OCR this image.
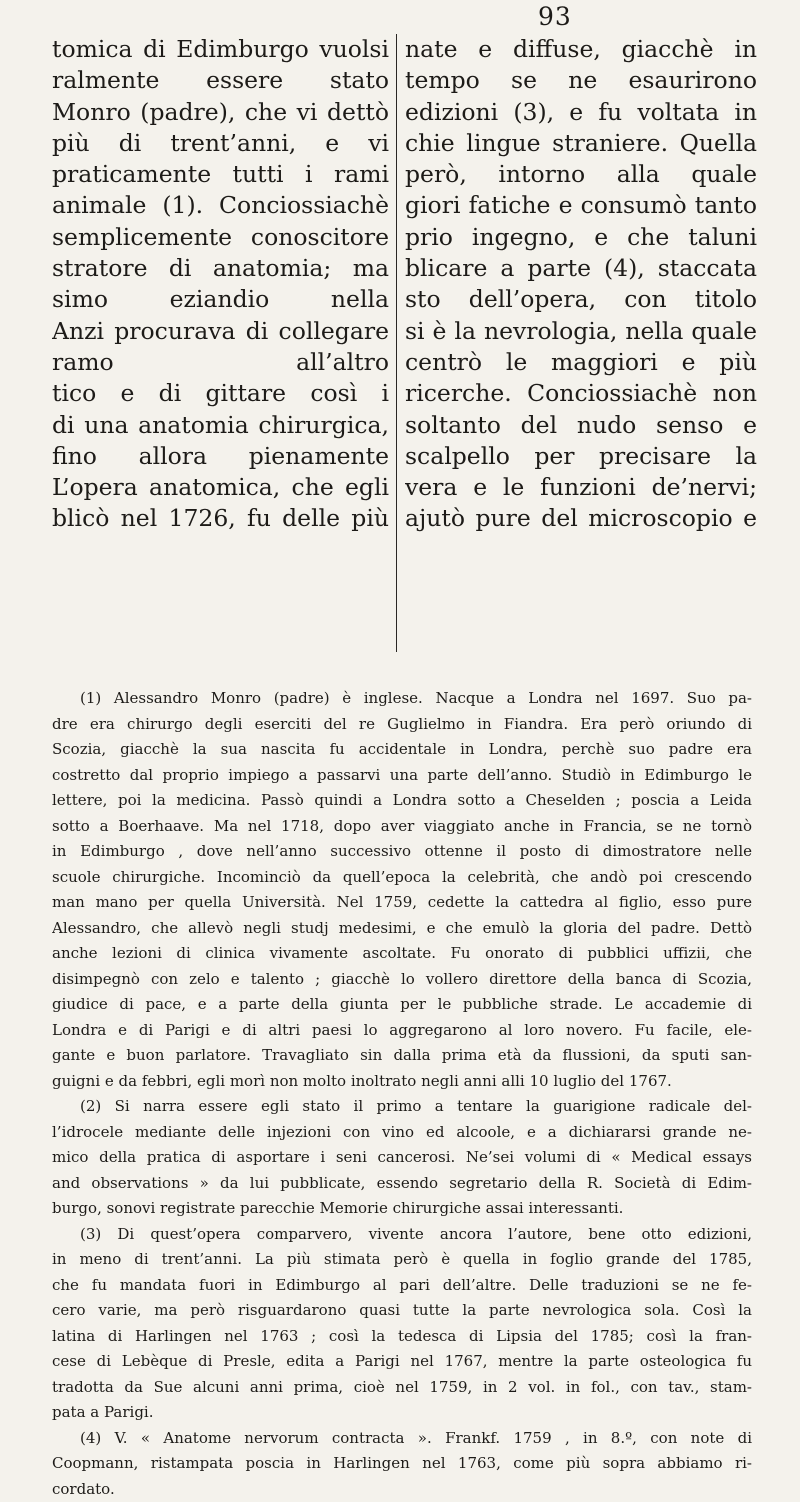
93
tomica di Edimburgo vuolsi
ralmente essere stato
Monro (padre), che vi dettò
più di trent’anni, e vi
praticamente tutti i rami
animale (1). Conciossiachè
semplicemente conoscitore
stratore di anatomia; ma
simo eziandio nella
Anzi procurava di collegare
ramo all’altro
tico e di gittare così i
di una anatomia chirurgica,
fino allora pienamente
L’opera anatomica, che egli
blicò nel 1726, fu delle più
nate e diffuse, giacchè in
tempo se ne esaurirono
edizioni (3), e fu voltata in
chie lingue straniere. Quella
però, intorno alla quale
giori fatiche e consumò tanto
prio ingegno, e che taluni
blicare a parte (4), staccata
sto dell’opera, con titolo
si è la nevrologia, nella quale
centrò le maggiori e più
ricerche. Conciossiachè non
soltanto del nudo senso e
scalpello per precisare la
vera e le funzioni de’nervi;
ajutò pure del microscopio e
(1) Alessandro Monro (padre) è inglese. Nacque a Londra nel 1697. Suo pa-
dre era chirurgo degli eserciti del re Guglielmo in Fiandra. Era però oriundo di
Scozia, giacchè la sua nascita fu accidentale in Londra, perchè suo padre era
costretto dal proprio impiego a passarvi una parte dell’anno. Studiò in Edimburgo le
lettere, poi la medicina. Passò quindi a Londra sotto a Cheselden ; poscia a Leida
sotto a Boerhaave. Ma nel 1718, dopo aver viaggiato anche in Francia, se ne tornò
in Edimburgo , dove nell’anno successivo ottenne il posto di dimostratore nelle
scuole chirurgiche. Incominciò da quell’epoca la celebrità, che andò poi crescendo
man mano per quella Università. Nel 1759, cedette la cattedra al figlio, esso pure
Alessandro, che allevò negli studj medesimi, e che emulò la gloria del padre. Dettò
anche lezioni di clinica vivamente ascoltate. Fu onorato di pubblici uffizii, che
disimpegnò con zelo e talento ; giacchè lo vollero direttore della banca di Scozia,
giudice di pace, e a parte della giunta per le pubbliche strade. Le accademie di
Londra e di Parigi e di altri paesi lo aggregarono al loro novero. Fu facile, ele-
gante e buon parlatore. Travagliato sin dalla prima età da flussioni, da sputi san-
guigni e da febbri, egli morì non molto inoltrato negli anni alli 10 luglio del 1767.
(2) Si narra essere egli stato il primo a tentare la guarigione radicale del-
l’idrocele mediante delle injezioni con vino ed alcoole, e a dichiararsi grande ne-
mico della pratica di asportare i seni cancerosi. Ne’sei volumi di « Medical essays
and observations » da lui pubblicate, essendo segretario della R. Società di Edim-
burgo, sonovi registrate parecchie Memorie chirurgiche assai interessanti.
(3) Di quest’opera comparvero, vivente ancora l’autore, bene otto edizioni,
in meno di trent’anni. La più stimata però è quella in foglio grande del 1785,
che fu mandata fuori in Edimburgo al pari dell’altre. Delle traduzioni se ne fe-
cero varie, ma però risguardarono quasi tutte la parte nevrologica sola. Così la
latina di Harlingen nel 1763 ; così la tedesca di Lipsia del 1785; così la fran-
cese di Lebèque di Presle, edita a Parigi nel 1767, mentre la parte osteologica fu
tradotta da Sue alcuni anni prima, cioè nel 1759, in 2 vol. in fol., con tav., stam-
pata a Parigi.
(4) V. « Anatome nervorum contracta ». Frankf. 1759 , in 8.º, con note di
Coopmann, ristampata poscia in Harlingen nel 1763, come più sopra abbiamo ri-
cordato.
